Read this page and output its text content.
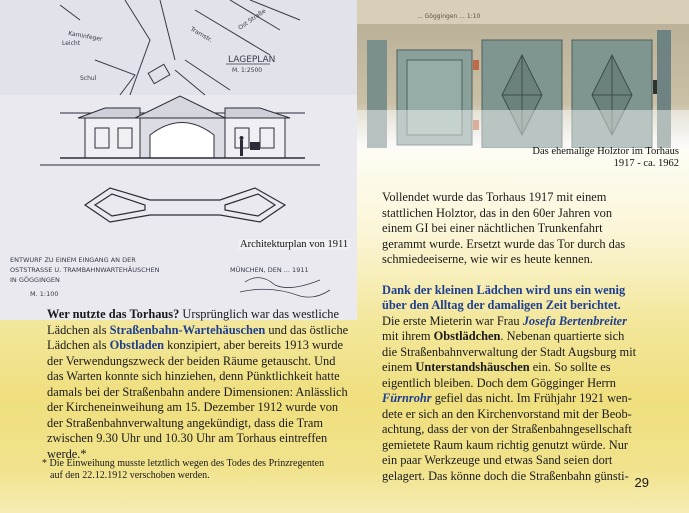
Kaminfeger
Leicht
Schul
Ost Straße
Tramstr.
LAGEPLAN
M. 1:2500
ENTWURF ZU EINEM EINGANG AN DER
OSTSTRASSE U. TRAMBAHNWARTEHÄUSCHEN
IN GÖGGINGEN
M. 1:100
MÜNCHEN, DEN ... 1911
Architekturplan von 1911
... Göggingen ... 1:10
Das ehemalige Holztor im Torhaus
1917 - ca. 1962

Vollendet wurde das Torhaus 1917 mit einem stattlichen Holztor, das in den 60er Jahren von einem GI bei einer nächtlichen Trunkenfahrt gerammt wurde. Ersetzt wurde das Tor durch das schmiedeeiserne, wie wir es heute kennen.

Dank der kleinen Lädchen wird uns ein wenig über den Alltag der damaligen Zeit berichtet. Die erste Mieterin war Frau Josefa Bertenbreiter mit ihrem Obstlädchen. Nebenan quartierte sich die Straßenbahnverwaltung der Stadt Augsburg mit einem Unterstandshäuschen ein. So sollte es eigentlich bleiben. Doch dem Gögginger Herrn Fürnrohr gefiel das nicht. Im Frühjahr 1921 wen-dete er sich an den Kirchenvorstand mit der Beob-achtung, dass der von der Straßenbahngesellschaft gemietete Raum kaum richtig genutzt würde. Nur ein paar Werkzeuge und etwas Sand seien dort gelagert. Das könne doch die Straßenbahn günsti-

Wer nutzte das Torhaus? Ursprünglich war das westliche Lädchen als Straßenbahn-Wartehäuschen und das östliche Lädchen als Obstladen konzipiert, aber bereits 1913 wurde der Verwendungszweck der beiden Räume getauscht. Und das Warten konnte sich hinziehen, denn Pünktlichkeit hatte damals bei der Straßenbahn andere Dimensionen: Anlässlich der Kircheneinweihung am 15. Dezember 1912 wurde von der Straßenbahnverwaltung angekündigt, dass die Tram zwischen 9.30 Uhr und 10.30 Uhr am Torhaus eintreffen werde.*

* Die Einweihung musste letztlich wegen des Todes des Prinzregenten
auf den 22.12.1912 verschoben werden.	29
